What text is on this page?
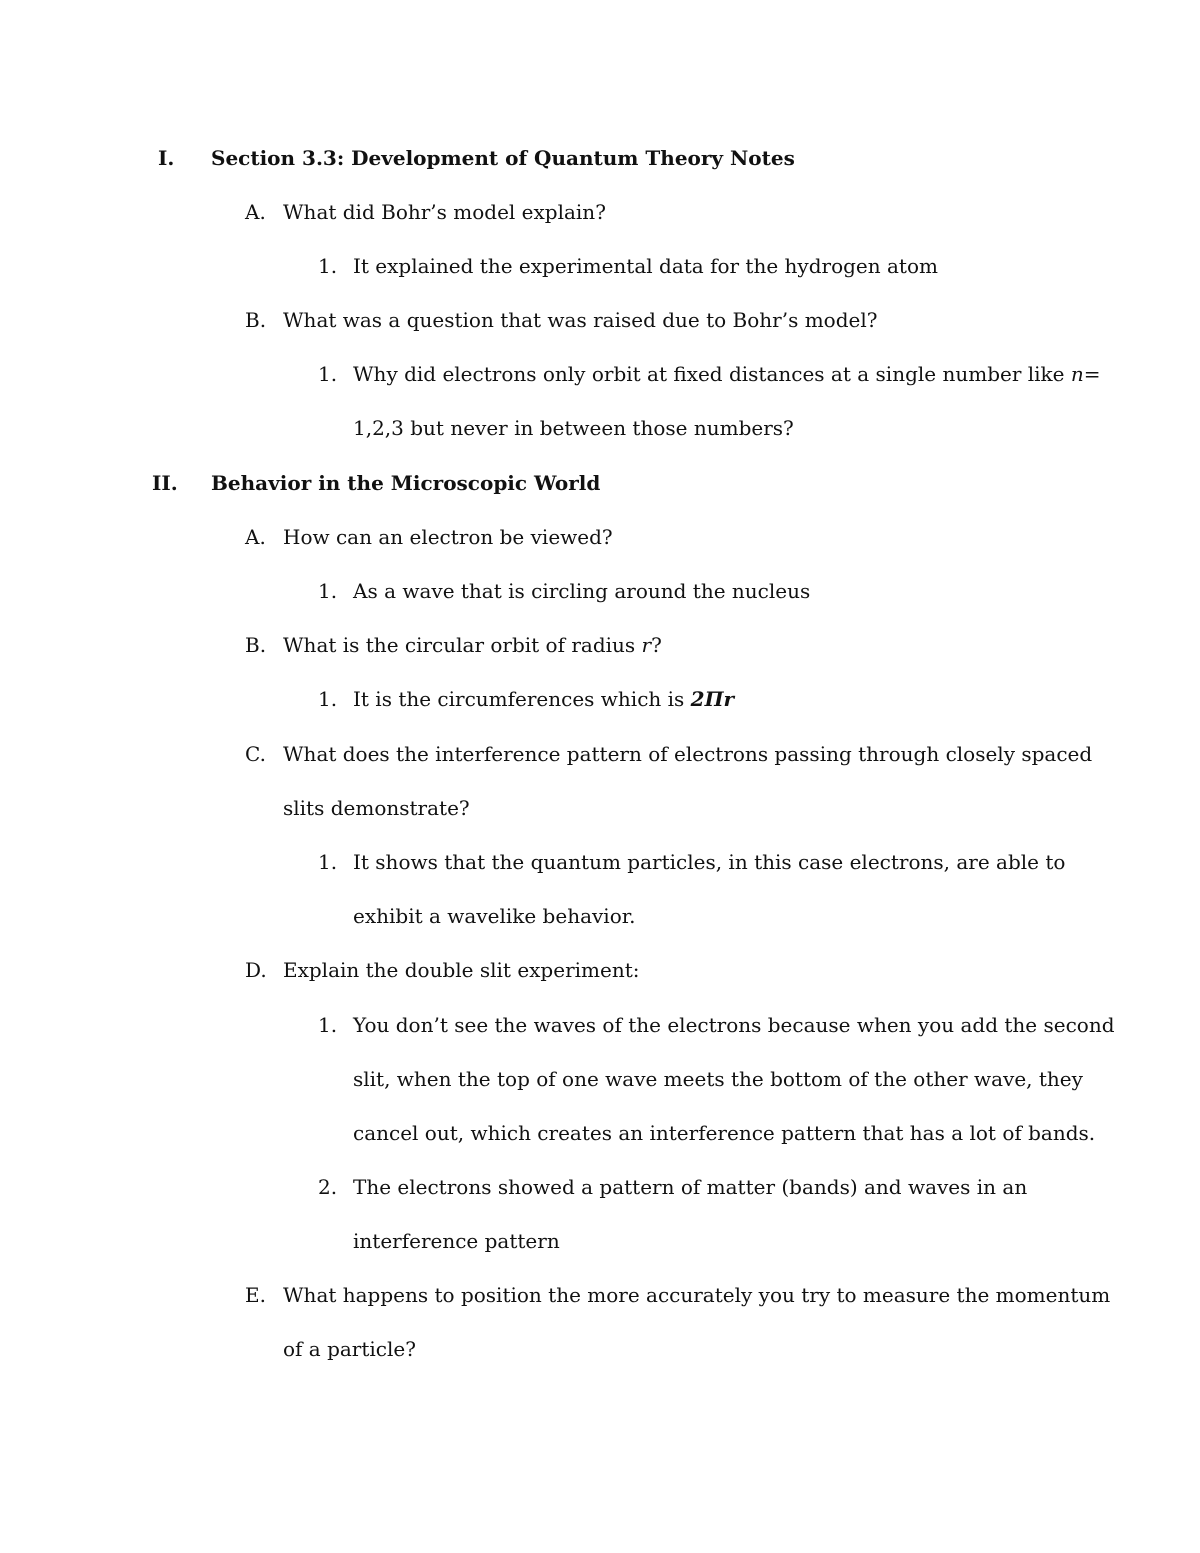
I. Section 3.3: Development of Quantum Theory Notes
A. What did Bohr’s model explain?
1. It explained the experimental data for the hydrogen atom
B. What was a question that was raised due to Bohr’s model?
1. Why did electrons only orbit at fixed distances at a single number like n=
1,2,3 but never in between those numbers?
II. Behavior in the Microscopic World
A. How can an electron be viewed?
1. As a wave that is circling around the nucleus
B. What is the circular orbit of radius r?
1. It is the circumferences which is 2Πr
C. What does the interference pattern of electrons passing through closely spaced
slits demonstrate?
1. It shows that the quantum particles, in this case electrons, are able to
exhibit a wavelike behavior.
D. Explain the double slit experiment:
1. You don’t see the waves of the electrons because when you add the second
slit, when the top of one wave meets the bottom of the other wave, they
cancel out, which creates an interference pattern that has a lot of bands.
2. The electrons showed a pattern of matter (bands) and waves in an
interference pattern
E. What happens to position the more accurately you try to measure the momentum
of a particle?
